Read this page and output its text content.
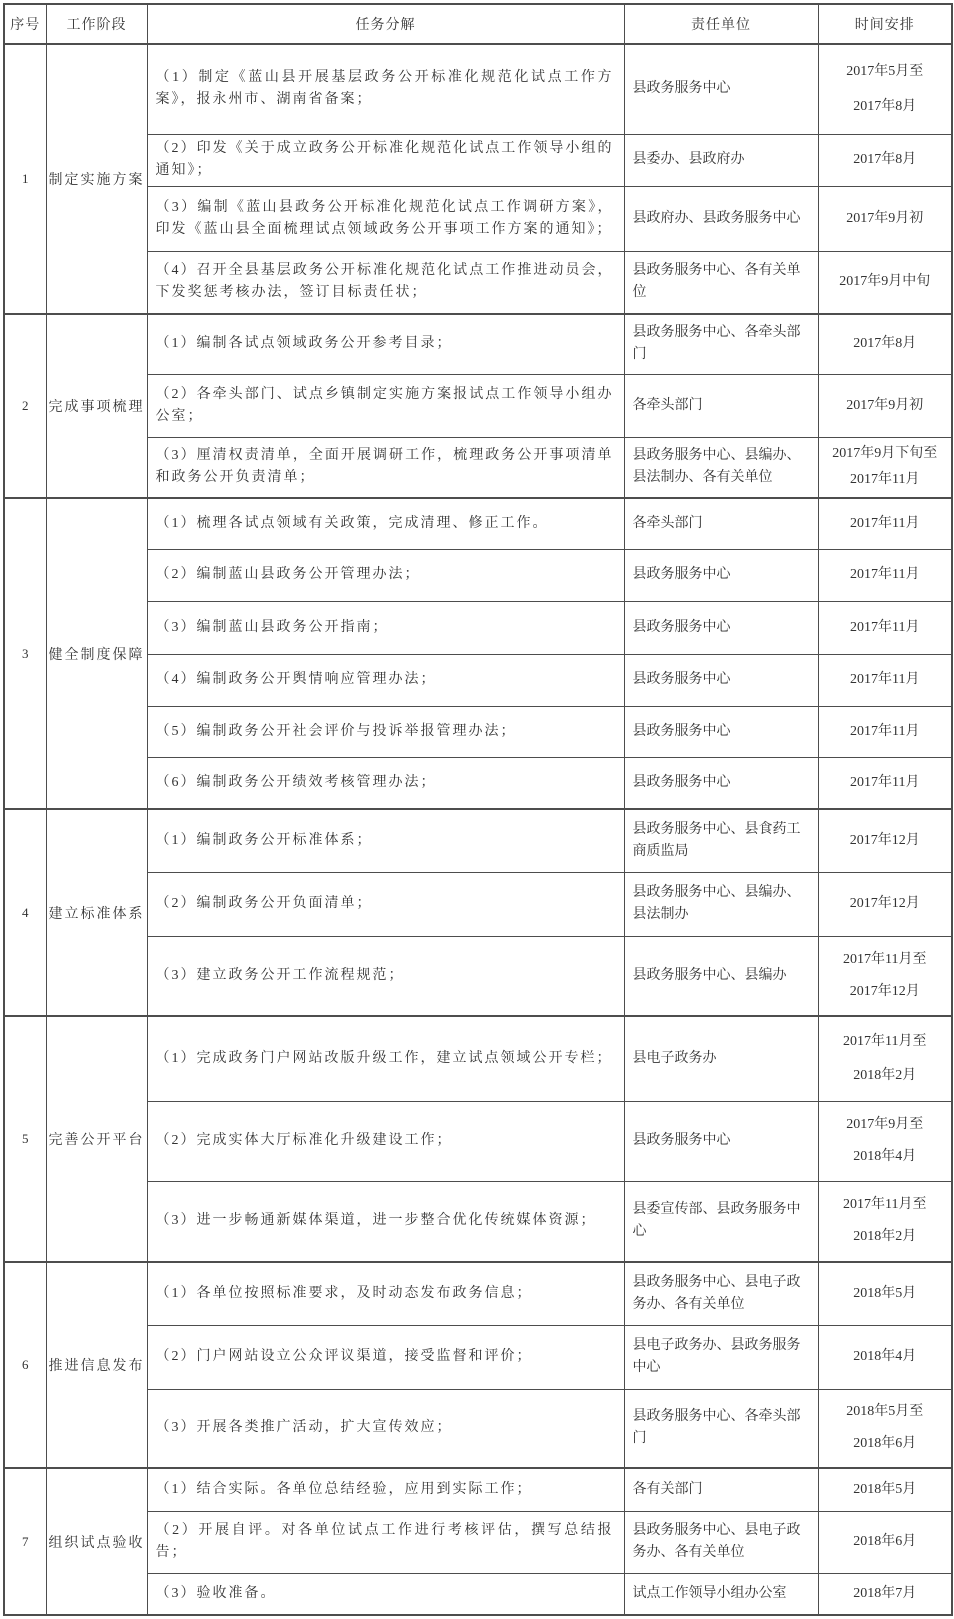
序号	工作阶段	任务分解	责任单位	时间安排
1	制定实施方案	（1）制定《蓝山县开展基层政务公开标准化规范化试点工作方案》，报永州市、湖南省备案；	县政务服务中心	2017年5月至
2017年8月

		（2）印发《关于成立政务公开标准化规范化试点工作领导小组的通知》；	县委办、县政府办	2017年8月

		（3）编制《蓝山县政务公开标准化规范化试点工作调研方案》，印发《蓝山县全面梳理试点领域政务公开事项工作方案的通知》；	县政府办、县政务服务中心	2017年9月初

		（4）召开全县基层政务公开标准化规范化试点工作推进动员会，下发奖惩考核办法，签订目标责任状；	县政务服务中心、各有关单位	2017年9月中旬

2	完成事项梳理	（1）编制各试点领域政务公开参考目录；	县政务服务中心、各牵头部门	2017年8月

		（2）各牵头部门、试点乡镇制定实施方案报试点工作领导小组办公室；	各牵头部门	2017年9月初

		（3）厘清权责清单，全面开展调研工作，梳理政务公开事项清单和政务公开负责清单；	县政务服务中心、县编办、县法制办、各有关单位	2017年9月下旬至
2017年11月

3	健全制度保障	（1）梳理各试点领域有关政策，完成清理、修正工作。	各牵头部门	2017年11月

		（2）编制蓝山县政务公开管理办法；	县政务服务中心	2017年11月

		（3）编制蓝山县政务公开指南；	县政务服务中心	2017年11月

		（4）编制政务公开舆情响应管理办法；	县政务服务中心	2017年11月

		（5）编制政务公开社会评价与投诉举报管理办法；	县政务服务中心	2017年11月

		（6）编制政务公开绩效考核管理办法；	县政务服务中心	2017年11月

4	建立标准体系	（1）编制政务公开标准体系；	县政务服务中心、县食药工商质监局	2017年12月

		（2）编制政务公开负面清单；	县政务服务中心、县编办、县法制办	2017年12月

		（3）建立政务公开工作流程规范；	县政务服务中心、县编办	2017年11月至
2017年12月

5	完善公开平台	（1）完成政务门户网站改版升级工作，建立试点领域公开专栏；	县电子政务办	2017年11月至
2018年2月

		（2）完成实体大厅标准化升级建设工作；	县政务服务中心	2017年9月至
2018年4月

		（3）进一步畅通新媒体渠道，进一步整合优化传统媒体资源；	县委宣传部、县政务服务中心	2017年11月至
2018年2月

6	推进信息发布	（1）各单位按照标准要求，及时动态发布政务信息；	县政务服务中心、县电子政务办、各有关单位	2018年5月

		（2）门户网站设立公众评议渠道，接受监督和评价；	县电子政务办、县政务服务中心	2018年4月

		（3）开展各类推广活动，扩大宣传效应；	县政务服务中心、各牵头部门	2018年5月至
2018年6月

7	组织试点验收	（1）结合实际。各单位总结经验，应用到实际工作；	各有关部门	2018年5月

		（2）开展自评。对各单位试点工作进行考核评估，撰写总结报告；	县政务服务中心、县电子政务办、各有关单位	2018年6月

		（3）验收准备。	试点工作领导小组办公室	2018年7月
